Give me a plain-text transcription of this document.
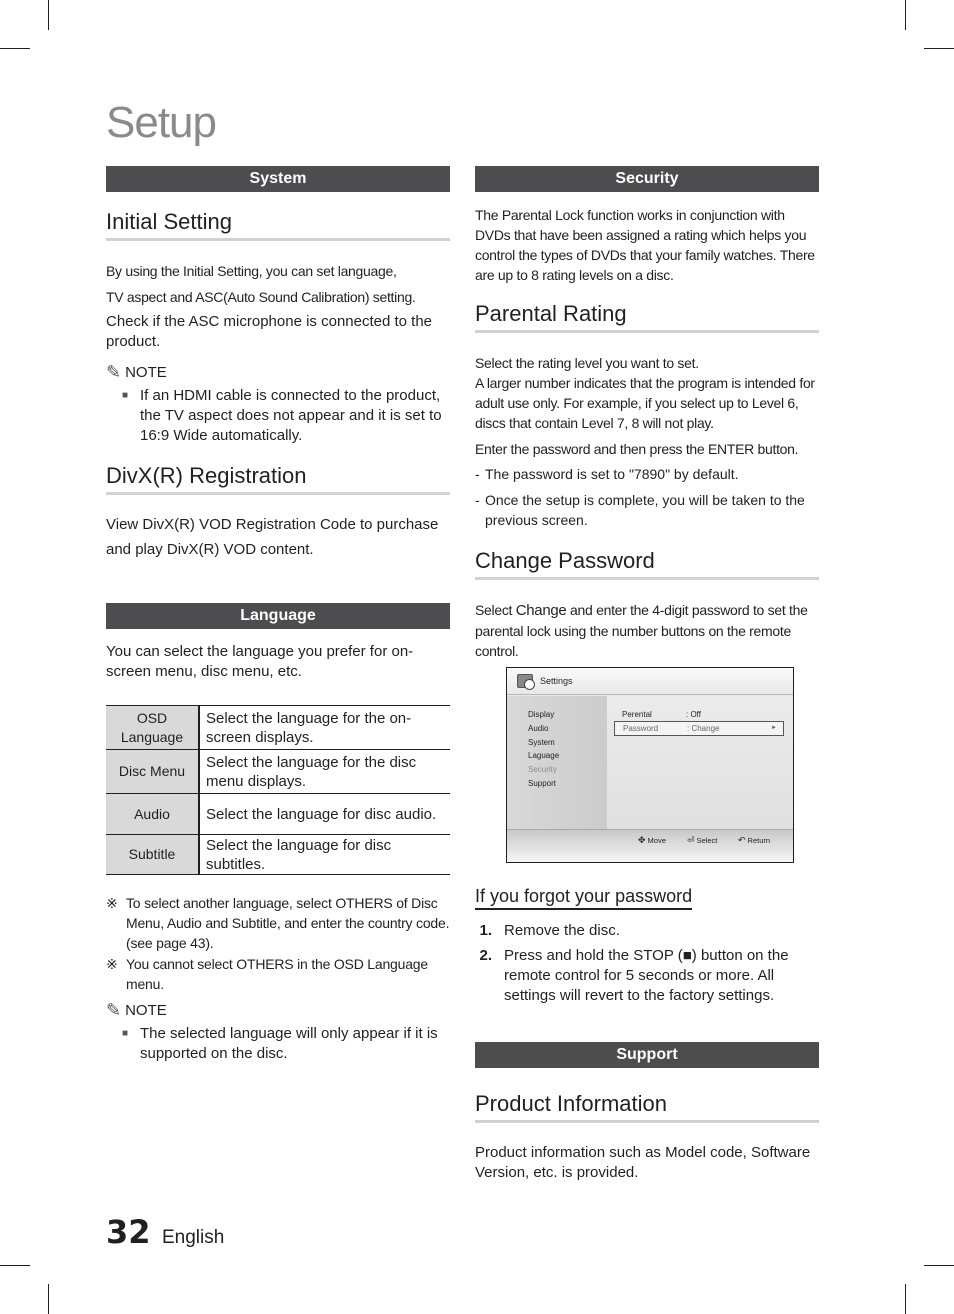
Setup
System
Initial Setting
By using the Initial Setting, you can set language,
TV aspect and ASC(Auto Sound Calibration) setting.
Check if the ASC microphone is connected to the product.
✎ NOTE
■ If an HDMI cable is connected to the product, the TV aspect does not appear and it is set to 16:9 Wide automatically.
DivX(R) Registration
View DivX(R) VOD Registration Code to purchase
and play DivX(R) VOD content.
Language
You can select the language you prefer for on-screen menu, disc menu, etc.
OSD Language	Select the language for the on-screen displays.
Disc Menu	Select the language for the disc menu displays.
Audio	Select the language for disc audio.
Subtitle	Select the language for disc subtitles.
※ To select another language, select OTHERS of Disc Menu, Audio and Subtitle, and enter the country code. (see page 43).
※ You cannot select OTHERS in the OSD Language menu.
✎ NOTE
■ The selected language will only appear if it is supported on the disc.
Security
The Parental Lock function works in conjunction with DVDs that have been assigned a rating which helps you control the types of DVDs that your family watches. There are up to 8 rating levels on a disc.
Parental Rating
Select the rating level you want to set.
A larger number indicates that the program is intended for adult use only. For example, if you select up to Level 6, discs that contain Level 7, 8 will not play.
Enter the password and then press the ENTER button.
- The password is set to "7890" by default.
- Once the setup is complete, you will be taken to the previous screen.
Change Password
Select Change and enter the 4-digit password to set the parental lock using the number buttons on the remote control.
Settings
Display
Audio
System
Laguage
Security
Support
Perental	: Off
Password	: Change	►
✥ Move ⏎ Select ↶ Return
If you forgot your password
1. Remove the disc.
2. Press and hold the STOP (■) button on the remote control for 5 seconds or more. All settings will revert to the factory settings.
Support
Product Information
Product information such as Model code, Software Version, etc. is provided.
32 English
